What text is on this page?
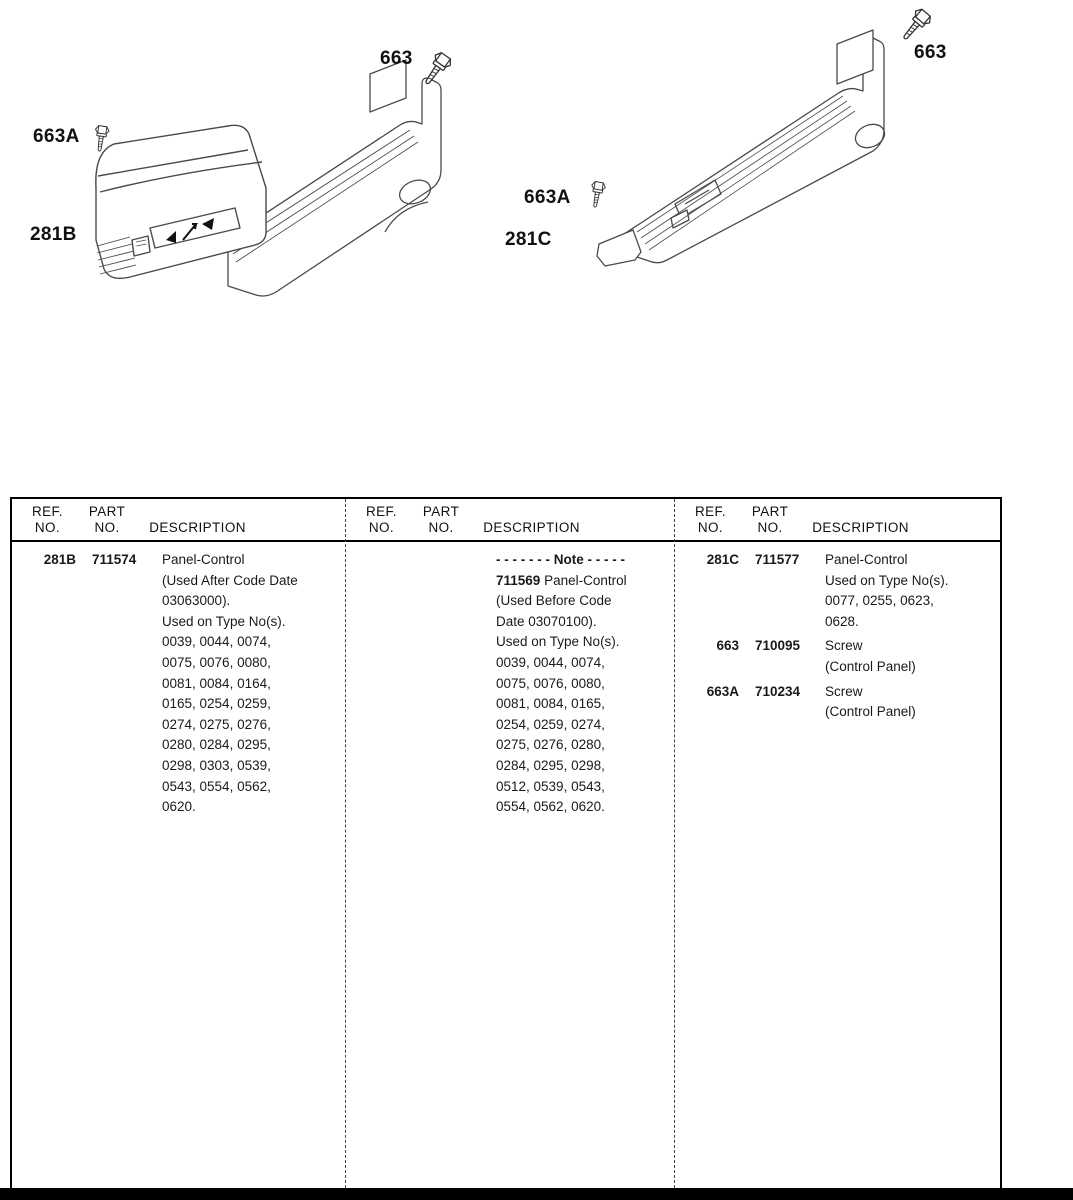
663
663A
281B
663
663A
281C
REF.
NO.
PART
NO.	DESCRIPTION
281B	711574	Panel-Control
(Used After Code Date
03063000).
Used on Type No(s).
0039, 0044, 0074,
0075, 0076, 0080,
0081, 0084, 0164,
0165, 0254, 0259,
0274, 0275, 0276,
0280, 0284, 0295,
0298, 0303, 0539,
0543, 0554, 0562,
0620.
REF.
NO.
PART
NO.	DESCRIPTION
- - - - - - - Note - - - - -
711569 Panel-Control
(Used Before Code
Date 03070100).
Used on Type No(s).
0039, 0044, 0074,
0075, 0076, 0080,
0081, 0084, 0165,
0254, 0259, 0274,
0275, 0276, 0280,
0284, 0295, 0298,
0512, 0539, 0543,
0554, 0562, 0620.
REF.
NO.
PART
NO.	DESCRIPTION
281C	711577	Panel-Control
Used on Type No(s).
0077, 0255, 0623,
0628.
663	710095	Screw
(Control Panel)
663A	710234	Screw
(Control Panel)
